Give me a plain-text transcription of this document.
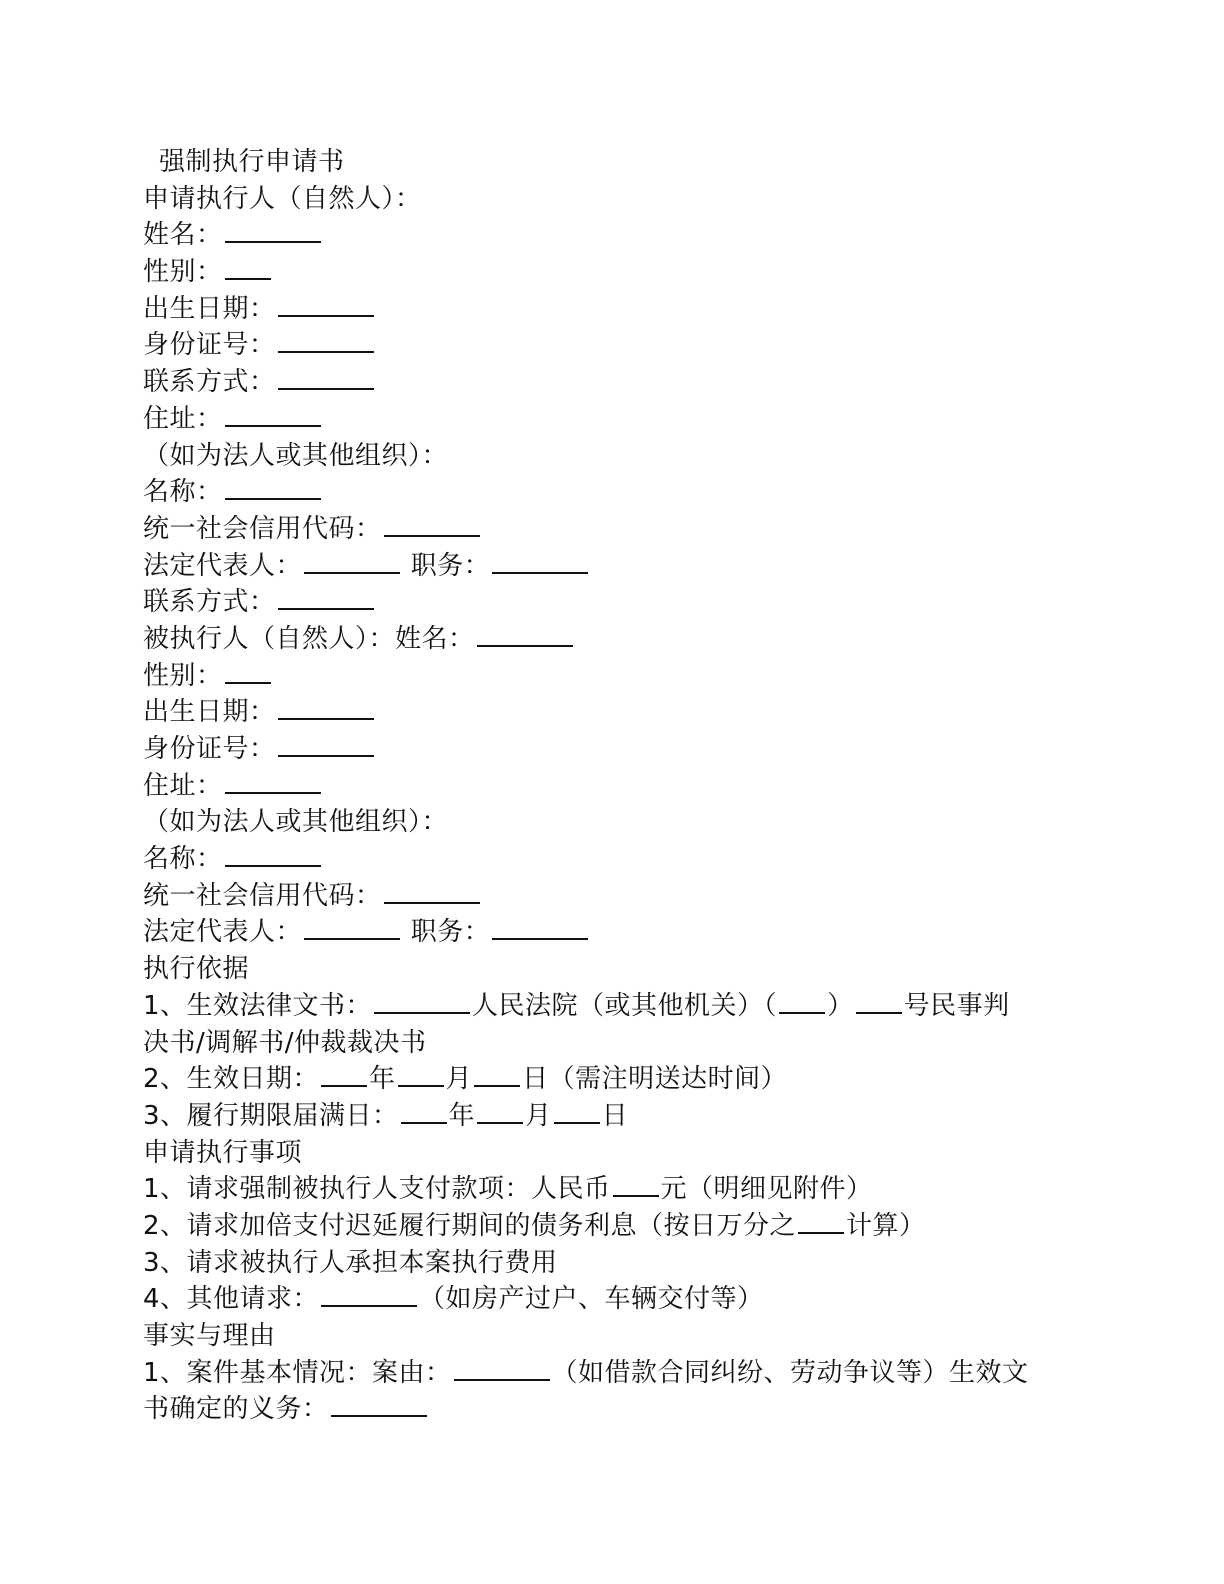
强制执行申请书
申请执行人（自然人）：
姓名：
性别：
出生日期：
身份证号：
联系方式：
住址：
（如为法人或其他组织）：
名称：
统一社会信用代码：
法定代表人：	职务：
联系方式：
被执行人（自然人）：姓名：
性别：
出生日期：
身份证号：
住址：
（如为法人或其他组织）：
名称：
统一社会信用代码：
法定代表人：	职务：
执行依据
1、生效法律文书：	人民法院（或其他机关）（ ） 号民事判
决书/调解书/仲裁裁决书
2、生效日期： 年 月 日（需注明送达时间）
3、履行期限届满日： 年 月 日
申请执行事项
1、请求强制被执行人支付款项：人民币 元（明细见附件）
2、请求加倍支付迟延履行期间的债务利息（按日万分之 计算）
3、请求被执行人承担本案执行费用
4、其他请求：	（如房产过户、车辆交付等）
事实与理由
1、案件基本情况：案由：	（如借款合同纠纷、劳动争议等）生效文
书确定的义务：
